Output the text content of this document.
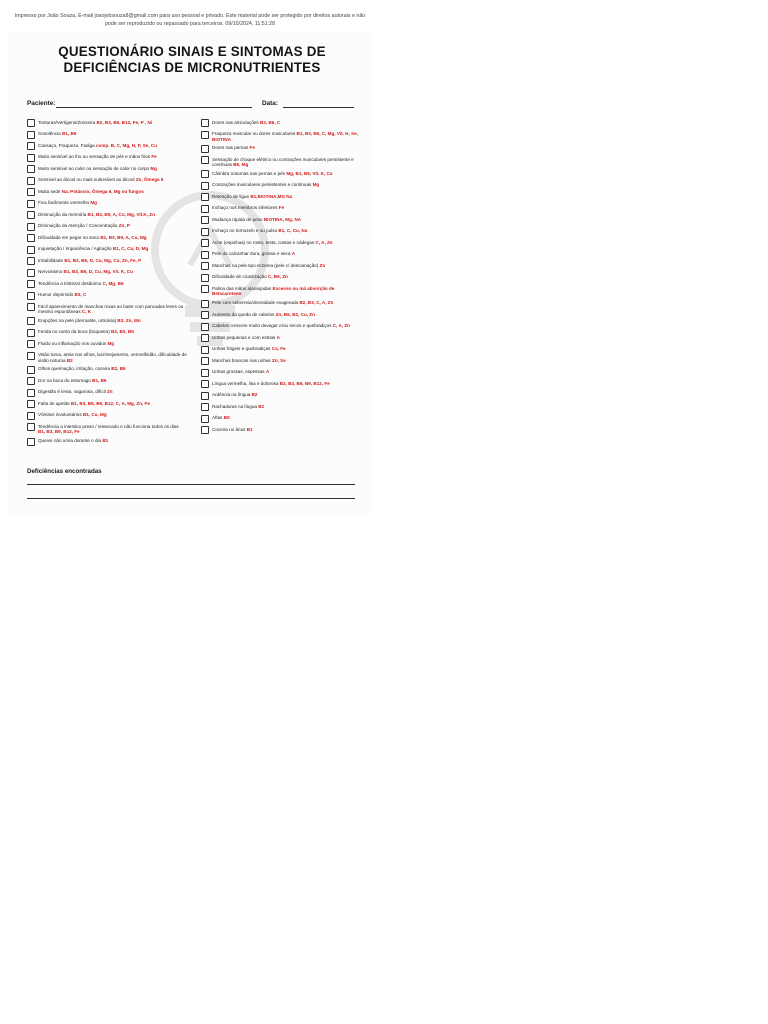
Impresso por João Souza, E-mail joaojvbsouza8@gmail.com para uso pessoal e privado. Este material pode ser protegido por direitos autorais e não pode ser reproduzido ou repassado para terceiros. 09/10/2024, 11:51:28
QUESTIONÁRIO SINAIS E SINTOMAS DE
DEFICIÊNCIAS DE MICRONUTRIENTES
Paciente:	Data:
Tonturas/Vertigens/Zonzeira B2, B3, B6, B12, Fe, P , Ni
Sonolência B1, B6
Cansaço, Fraqueza, Fadiga comp. B, C, Mg, H, P, Se, Cu
Muito sensível ao frio ou sensação de pés e mãos frios Fe
Muito sensível ao calor ou sensação de calor no corpo Mg
Sensível ao álcool ou mais vulnerável ao álcool Zn, Ômega 6
Muita sede Na, Potássio, Ômega 6, Mg ou fungos
Fica facilmente vermelho Mg
Diminuição da memória B1, B3, B9, A, Cu, Mg, Vit.K, Zn
Diminuição da Atenção / Concentração Zn, P
Dificuldade em pegar no sono B1, B3, B9, A, Cu, Mg
Inquietação / Impaciência / Agitação B1, C, Cu, D, Mg
Irritabilidade B1, B3, B6, D, Cu, Mg, Cu, Zn, Fe, P
Nervosismo B1, B3, B6, D, Cu, Mg, Vit. K, Cu
Tendência a tristeza/ desânimo C, Mg, B6
Humor deprimido B3, C
Fácil aparecimento de manchas roxas ao bater com pancadas leves ou mesmo espontâneas C, K
Erupções na pele (dermatite, urticária) B3, Zn, Mn
Ferida no canto da boca (boqueira) B2, B3, B6
Fluido ou inflamação nos ouvidos Mg
Visão turva, areia nos olhos, lacrimejamento, vermelhidão, dificuldade de visão noturna B2
Olhos queimação, irritação, coceira B2, B6
Dor na boca do estomago B1, B6
Digestão é lenta, vagarosa, difícil Zn
Falta de apetite B1, B3, B6, B9, B12, C, A, Mg, Zn, Fe
Vômitos involuntários B1, Cu, Mg
Tendência a intestino preso / ressecado e não funciona todos os dias B1, B3, B9, B12, Fe
Queixe não urina durante o dia B1
Dores nas articulações B2, B6, C
Fraqueza muscular ou dores musculares B1, B3, B6, C, Mg, Vit. H, Se, BIOTINA
Dores nas pernas Fe
Sensação de choque elétrico ou contrações musculares persistente e contínuas B6, Mg
Câimbra noturnas nas pernas e pés Mg, B1, B6, Vit. K, Ca
Contrações musculares persistentes e contínuas Mg
Retenção de ligue B1,BIOTINA,MG Na
Inchaço nos membros inferiores Fe
Mudança rápida de peso BIOTINA, Mg, NA
Inchaço no tornozelo e ou pulso B1, C, Cu, Na
Acne (espinhas) no rosto, testa, costas e nádegas C, A, Zn
Pele do calcanhar dura, grossa e seca A
Manchas na pele tipo eczema (pele c/ descamação) Zn
Dificuldade de cicatrização C, B6, Zn
Palma das mãos alaranjadas Excesso ou má absorção de Betacaroteno
Pele com seborreia/oleosidade exagerada B2, B3, C, A, Zn
Aumento da queda de cabelos Zn, B6, B2, Cu, Zn
Cabelos crescem muito devagar e/ou secos e quebradiços C, A, Zn
Unhas pequenas e com estrias A
Unhas frágeis e quebradiças Ca, Fe
Manchas brancas nas unhas Zn, Se
Unhas grossas, espessas A
Língua vermelha, lisa e dolorosa B2, B3, B6, B9, B12, Fe
Ardência na língua B2
Rachaduras na língua B2
Aftas B9
Coceira no ânus B1
Deficiências encontradas
